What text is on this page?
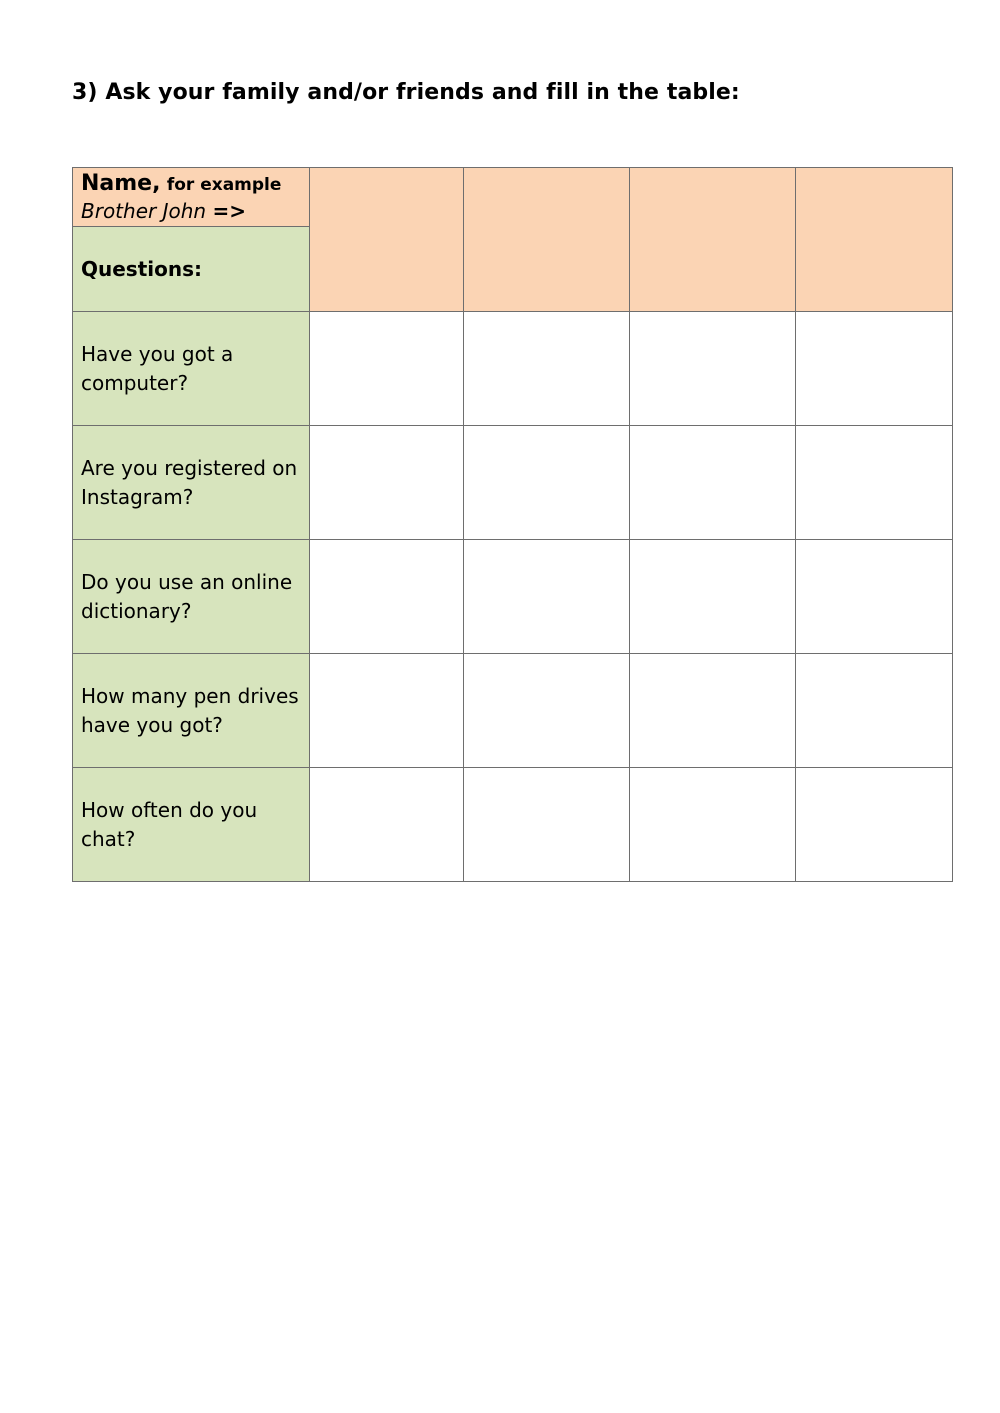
3) Ask your family and/or friends and fill in the table:
Name, for example
Brother John =>				

Questions:				
Have you got a computer?				
Are you registered on Instagram?				
Do you use an online dictionary?				
How many pen drives have you got?				
How often do you chat?				
